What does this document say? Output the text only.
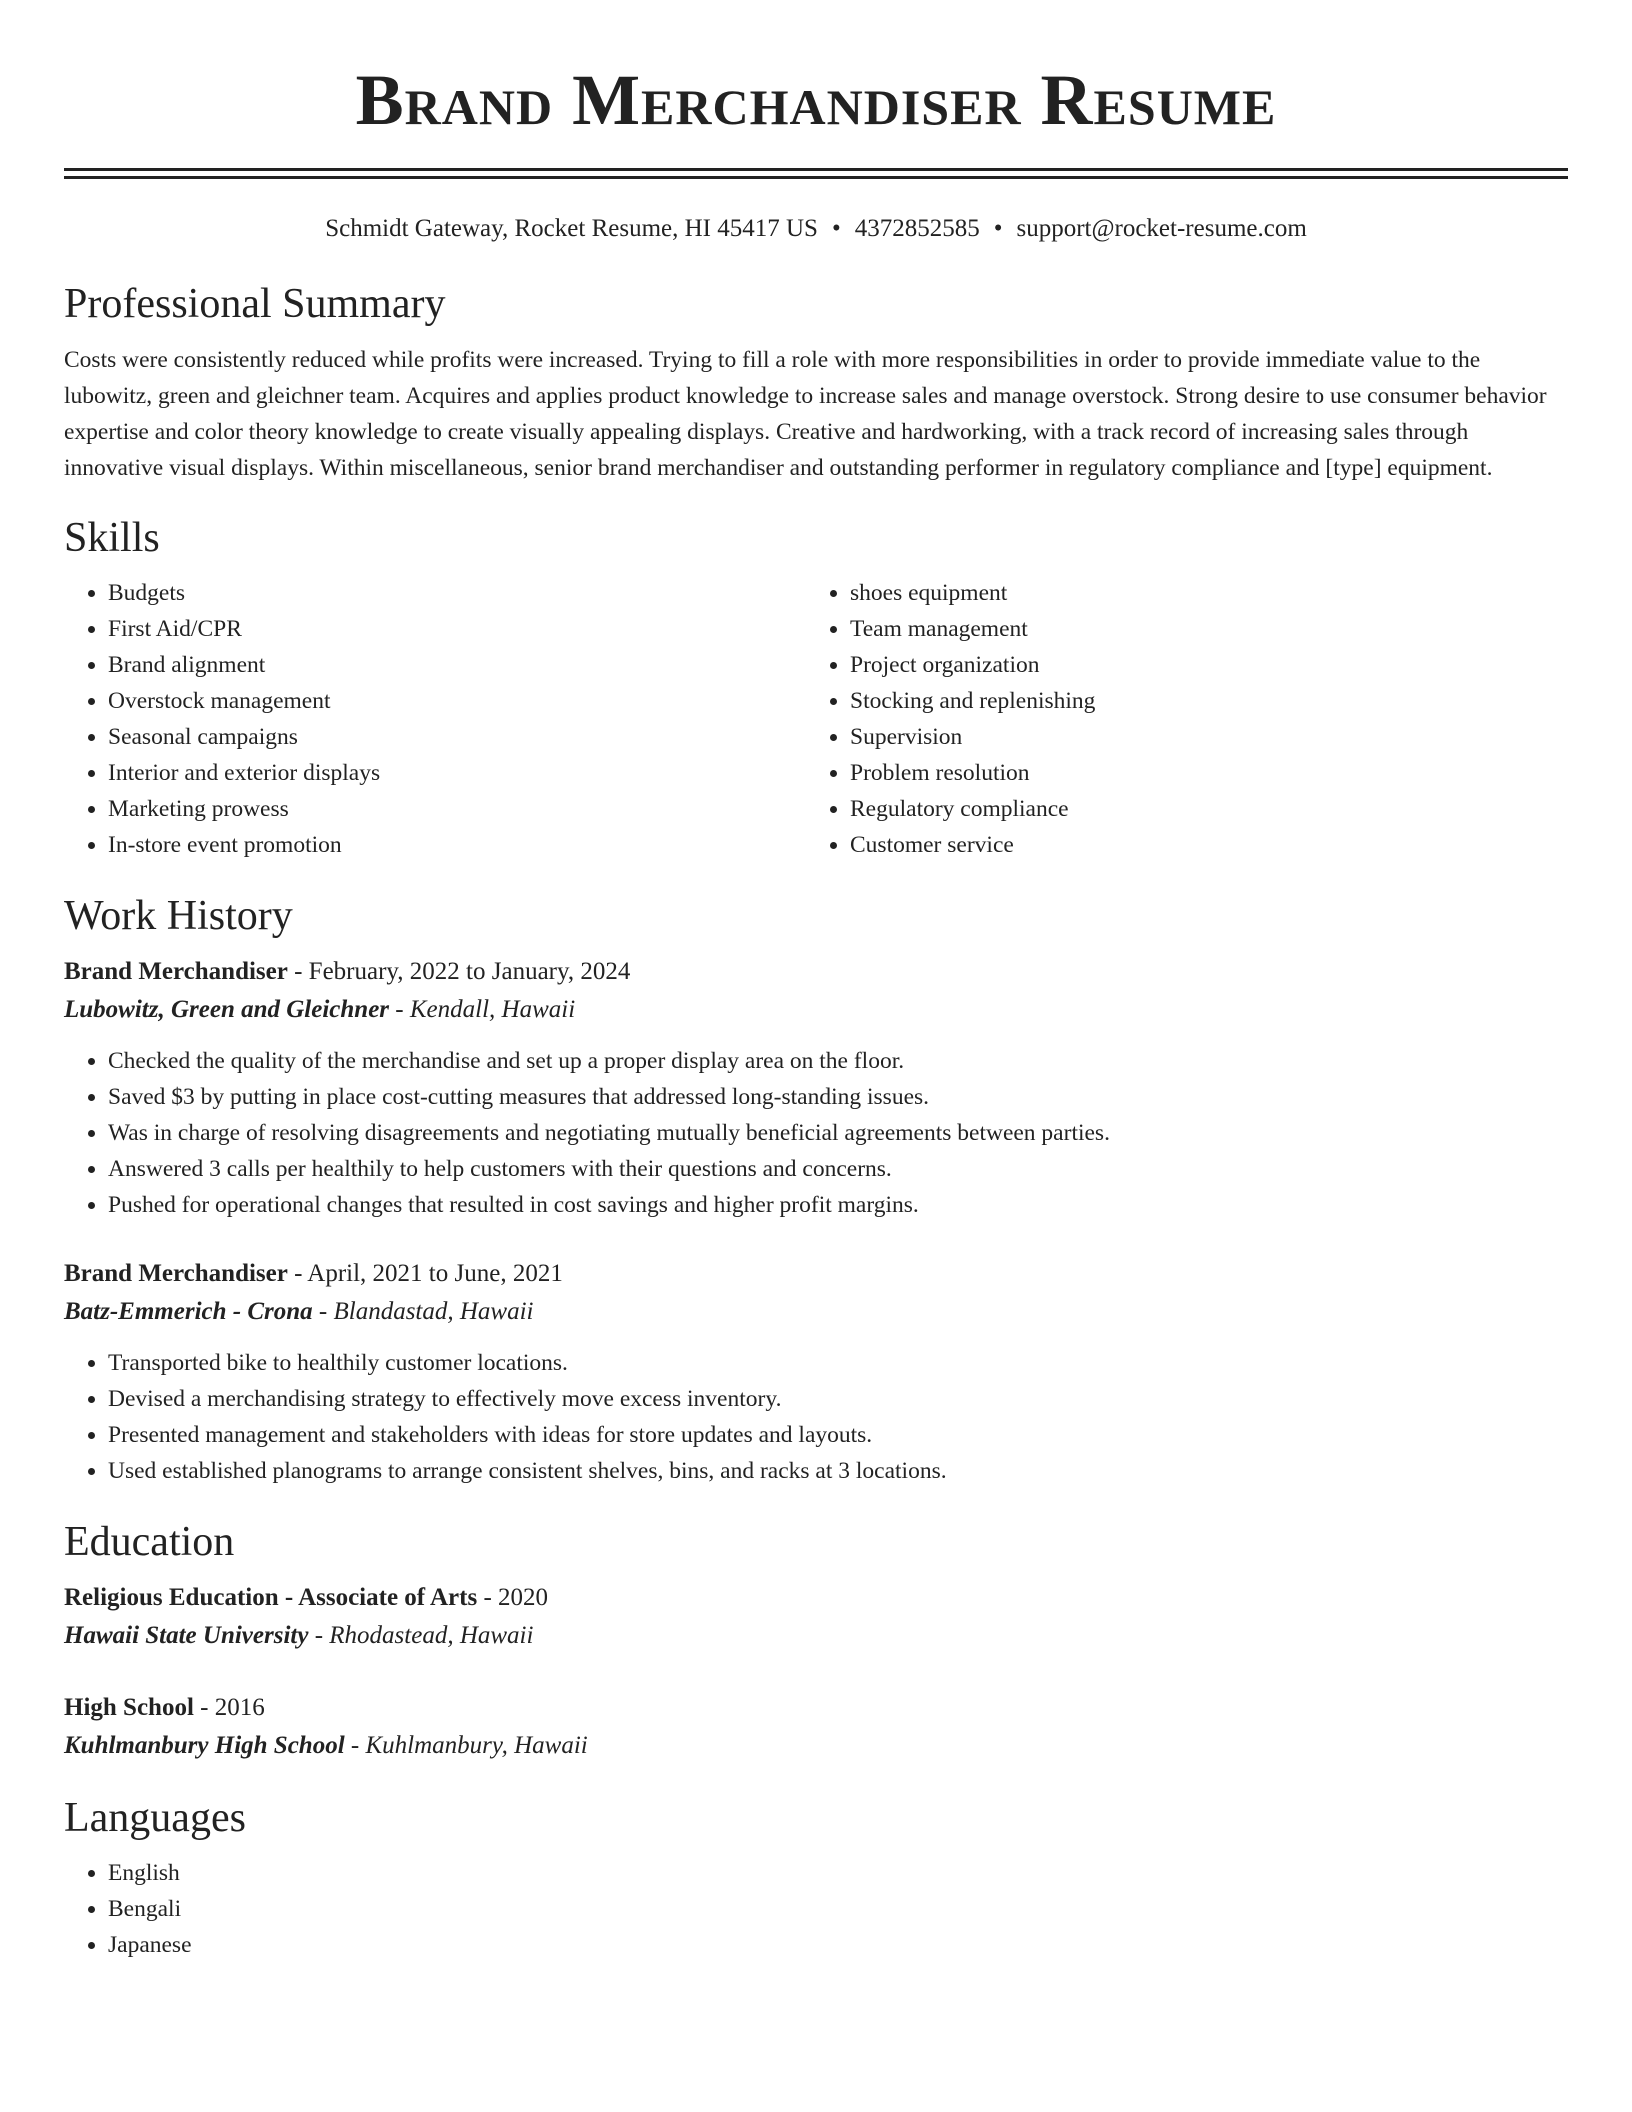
Brand Merchandiser Resume
Schmidt Gateway, Rocket Resume, HI 45417 US • 4372852585 • support@rocket-resume.com
Professional Summary

Costs were consistently reduced while profits were increased. Trying to fill a role with more responsibilities in order to provide immediate value to the lubowitz, green and gleichner team. Acquires and applies product knowledge to increase sales and manage overstock. Strong desire to use consumer behavior expertise and color theory knowledge to create visually appealing displays. Creative and hardworking, with a track record of increasing sales through innovative visual displays. Within miscellaneous, senior brand merchandiser and outstanding performer in regulatory compliance and [type] equipment.

Skills
• Budgets
• First Aid/CPR
• Brand alignment
• Overstock management
• Seasonal campaigns
• Interior and exterior displays
• Marketing prowess
• In-store event promotion
• shoes equipment
• Team management
• Project organization
• Stocking and replenishing
• Supervision
• Problem resolution
• Regulatory compliance
• Customer service
Work History
Brand Merchandiser - February, 2022 to January, 2024
Lubowitz, Green and Gleichner - Kendall, Hawaii
• Checked the quality of the merchandise and set up a proper display area on the floor.
• Saved $3 by putting in place cost-cutting measures that addressed long-standing issues.
• Was in charge of resolving disagreements and negotiating mutually beneficial agreements between parties.
• Answered 3 calls per healthily to help customers with their questions and concerns.
• Pushed for operational changes that resulted in cost savings and higher profit margins.
Brand Merchandiser - April, 2021 to June, 2021
Batz-Emmerich - Crona - Blandastad, Hawaii
• Transported bike to healthily customer locations.
• Devised a merchandising strategy to effectively move excess inventory.
• Presented management and stakeholders with ideas for store updates and layouts.
• Used established planograms to arrange consistent shelves, bins, and racks at 3 locations.
Education
Religious Education - Associate of Arts - 2020
Hawaii State University - Rhodastead, Hawaii
High School - 2016
Kuhlmanbury High School - Kuhlmanbury, Hawaii
Languages
• English
• Bengali
• Japanese
